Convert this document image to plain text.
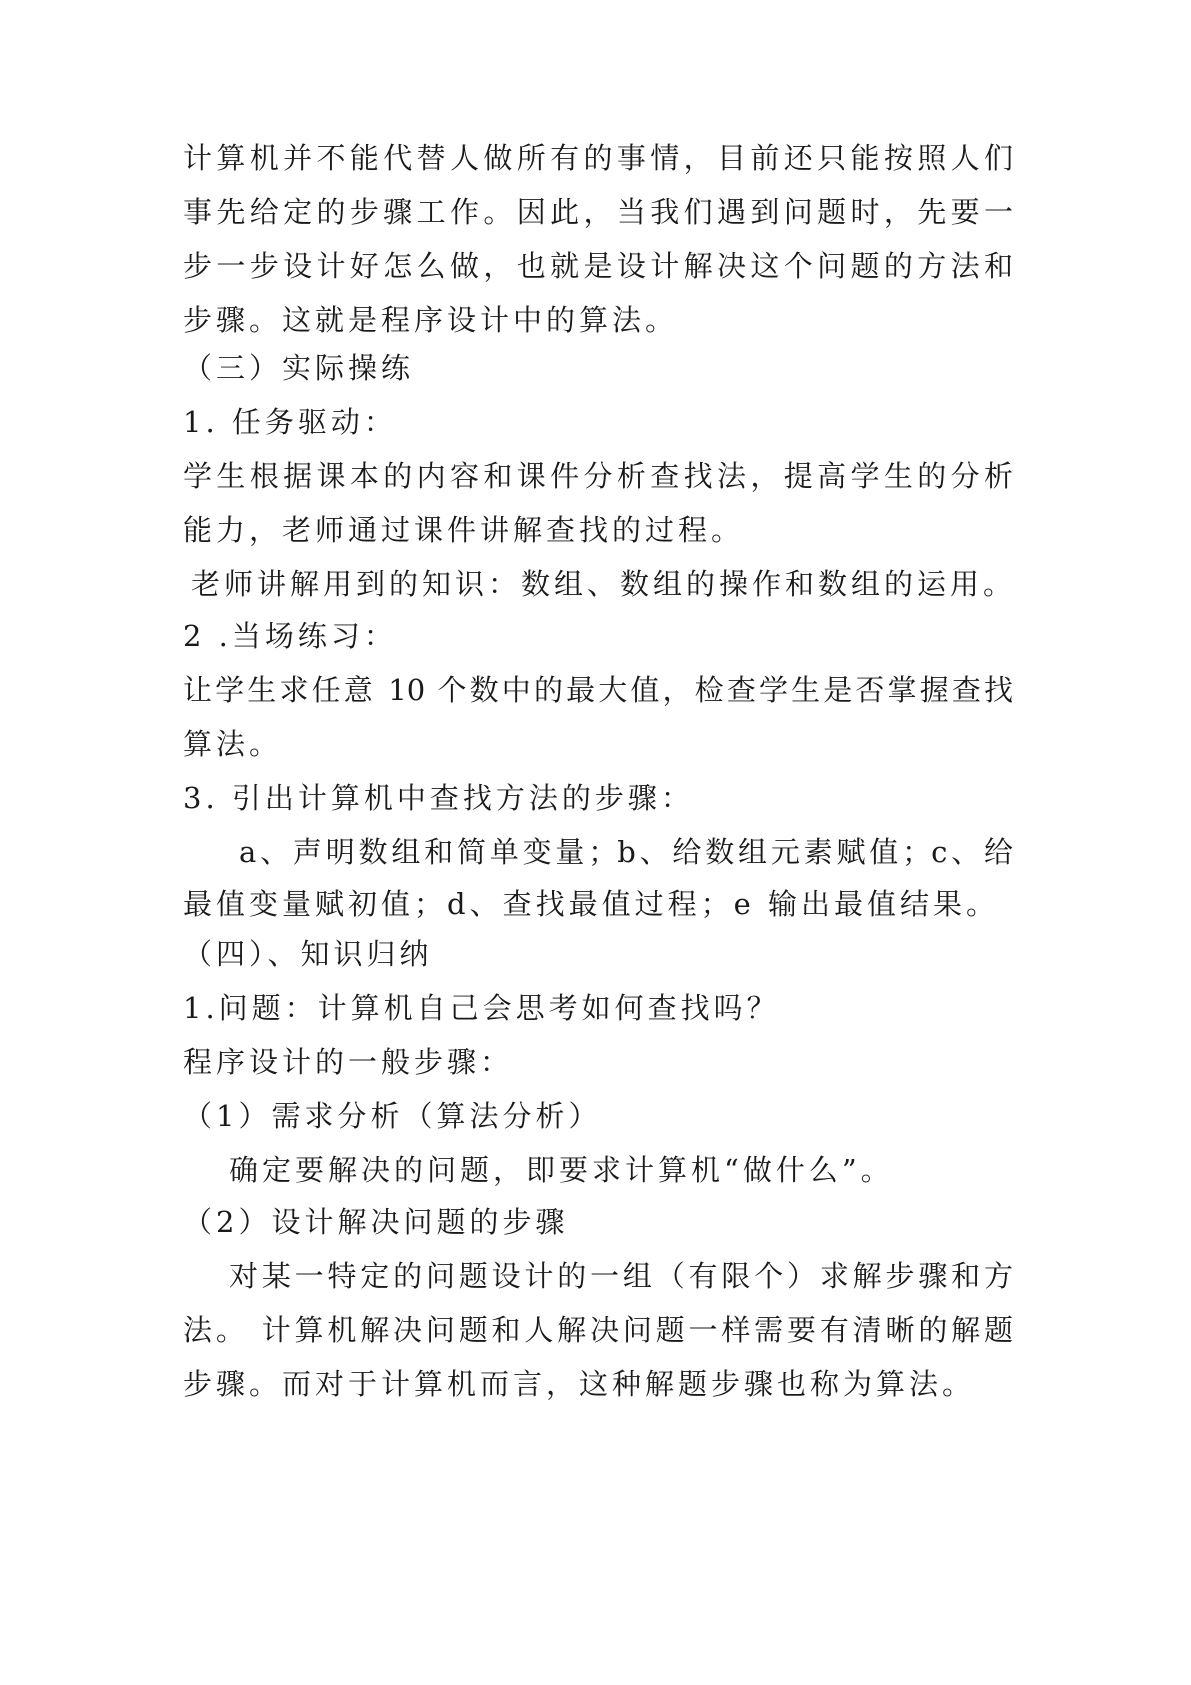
计算机并不能代替人做所有的事情，目前还只能按照人们
事先给定的步骤工作。因此，当我们遇到问题时，先要一
步一步设计好怎么做，也就是设计解决这个问题的方法和
步骤。这就是程序设计中的算法。
（三）实际操练
1. 任务驱动：
学生根据课本的内容和课件分析查找法，提高学生的分析
能力，老师通过课件讲解查找的过程。
老师讲解用到的知识：数组、数组的操作和数组的运用。
2 .当场练习：
让学生求任意 10 个数中的最大值，检查学生是否掌握查找
算法。
3. 引出计算机中查找方法的步骤：
a、声明数组和简单变量；b、给数组元素赋值；c、给
最值变量赋初值；d、查找最值过程；e 输出最值结果。
（四）、知识归纳
1.问题：计算机自己会思考如何查找吗？
程序设计的一般步骤：
（1）需求分析（算法分析）
确定要解决的问题，即要求计算机“做什么”。
（2）设计解决问题的步骤
对某一特定的问题设计的一组（有限个）求解步骤和方
法。 计算机解决问题和人解决问题一样需要有清晰的解题
步骤。而对于计算机而言，这种解题步骤也称为算法。
